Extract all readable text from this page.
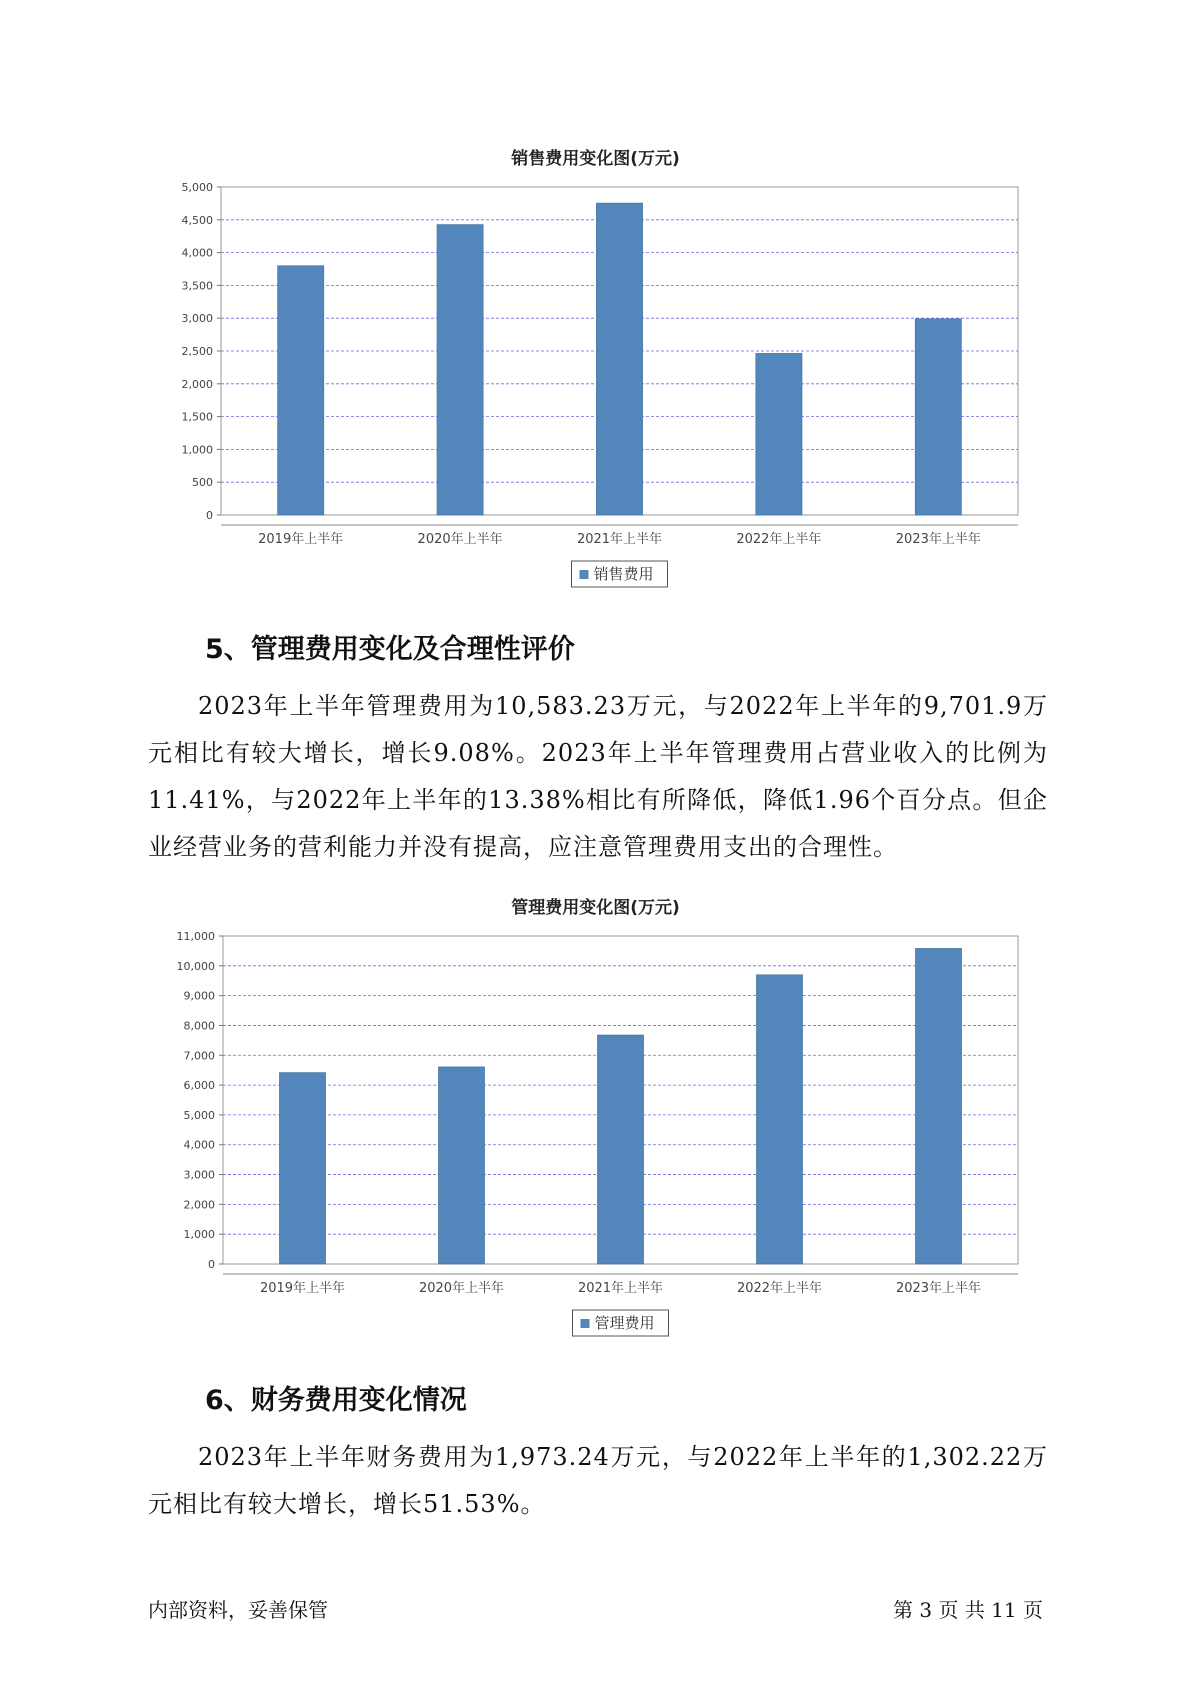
销售费用变化图(万元)
0
500
1,000
1,500
2,000
2,500
3,000
3,500
4,000
4,500
5,000
2019年上半年	2020年上半年	2021年上半年	2022年上半年	2023年上半年
销售费用
5、管理费用变化及合理性评价

2023年上半年管理费用为10,583.23万元，与2022年上半年的9,701.9万元相比有较大增长，增长9.08%。2023年上半年管理费用占营业收入的比例为11.41%，与2022年上半年的13.38%相比有所降低，降低1.96个百分点。但企业经营业务的营利能力并没有提高，应注意管理费用支出的合理性。

管理费用变化图(万元)
0
1,000
2,000
3,000
4,000
5,000
6,000
7,000
8,000
9,000
10,000
11,000
2019年上半年	2020年上半年	2021年上半年	2022年上半年	2023年上半年
管理费用
6、财务费用变化情况

2023年上半年财务费用为1,973.24万元，与2022年上半年的1,302.22万元相比有较大增长，增长51.53%。

内部资料，妥善保管	第 3 页 共 11 页
